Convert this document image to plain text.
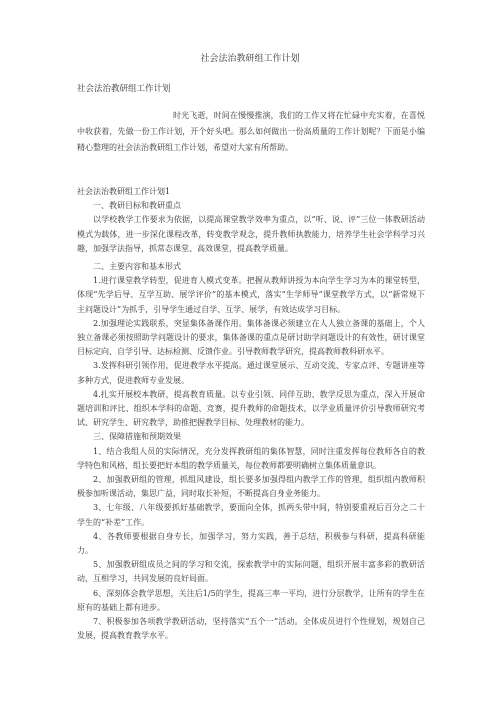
社会法治教研组工作计划
社会法治教研组工作计划
时光飞逝，时间在慢慢推演，我们的工作又将在忙碌中充实着，在喜悦中收获着，先做一份工作计划，开个好头吧。那么如何做出一份高质量的工作计划呢？下面是小编精心整理的社会法治教研组工作计划，希望对大家有所帮助。

社会法治教研组工作计划1

一、教研目标和教研重点

以学校教学工作要求为依据，以提高课堂教学效率为重点，以“听、说、评”三位一体教研活动模式为载体，进一步深化课程改革，转变教学观念，提升教师执教能力，培养学生社会学科学习兴趣，加强学法指导，抓常态课堂、高效课堂，提高教学质量。

二、主要内容和基本形式

1.进行课堂教学转型，促进育人模式变革。把握从教师讲授为本向学生学习为本的课堂转型，体现“先学后导、互学互助、展学评价”的基本模式，落实“生学师导”课堂教学方式，以“新常规下主问题设计”为抓手，引导学生通过自学、互学、展学，有效达成学习目标。

2.加强理论实践联系，突显集体备课作用。集体备课必须建立在人人独立备课的基础上，个人独立备课必须按照助学问题设计的要求，集体备课的重点是研讨助学问题设计的有效性，研讨课堂目标定向、自学引导、达标检测、反馈作业。引导教师教学研究，提高教师教科研水平。

3.发挥科研引领作用，促进教学水平提高。通过课堂展示、互动交流、专家点评、专题讲座等多种方式，促进教师专业发展。

4.扎实开展校本教研，提高教育质量。以专业引领、同伴互助、教学反思为重点，深入开展命题培训和评比、组织本学科的命题、竞赛，提升教师的命题技术，以学业质量评价引导教师研究考试、研究学生、研究教学，助推把握教学目标、处理教材的能力。

三、保障措施和预期效果

1、结合我组人员的实际情况，充分发挥教研组的集体智慧，同时注重发挥每位教师各自的教学特色和风格，组长要把好本组的教学质量关，每位教师都要明确树立集体质量意识。

2、加强教研组的管理，抓组风建设，组长要多加强得组内教学工作的管理，组织组内教师积极参加听课活动，集思广益，同时取长补短，不断提高自身业务能力。

3、七年级、八年级要抓好基础教学，要面向全体，抓两头带中间，特别要重视后百分之二十学生的“补差”工作。

4、各教师要根据自身专长，加强学习，努力实践，善于总结，积极参与科研，提高科研能力。

5、加强教研组成员之间的学习和交流，探索教学中的实际问题，组织开展丰富多彩的教研活动，互相学习，共同发展的良好局面。

6、深刻体会教学思想，关注后1/5的学生，提高三率一平均，进行分层教学，让所有的学生在原有的基础上都有进步。

7、积极参加各项教学教研活动，坚持落实“五个一”活动。全体成员进行个性规划，规划自己发展，提高教育教学水平。
